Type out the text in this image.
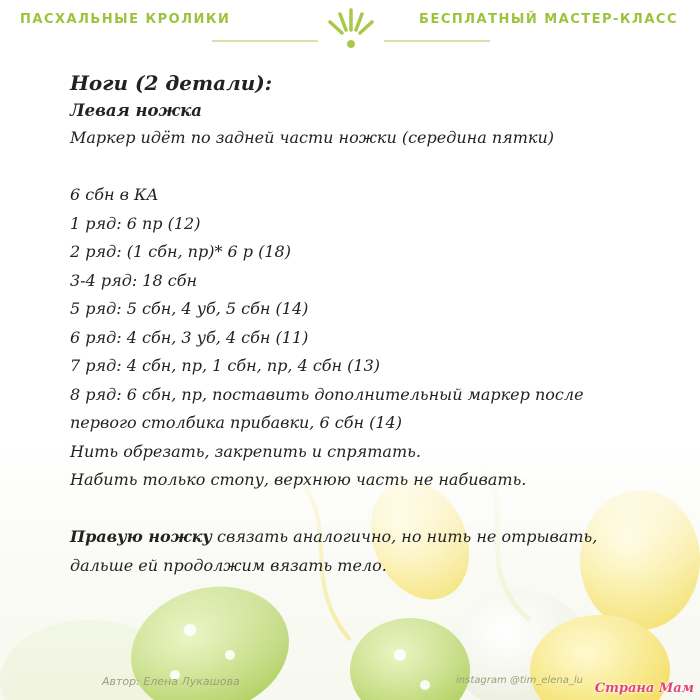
ПАСХАЛЬНЫЕ КРОЛИКИ	БЕСПЛАТНЫЙ МАСТЕР-КЛАСС
Ноги (2 детали):
Левая ножка
Маркер идёт по задней части ножки (середина пятки)
6 сбн в КА
1 ряд: 6 пр (12)
2 ряд: (1 сбн, пр)* 6 р (18)
3-4 ряд: 18 сбн
5 ряд: 5 сбн, 4 уб, 5 сбн (14)
6 ряд: 4 сбн, 3 уб, 4 сбн (11)
7 ряд: 4 сбн, пр, 1 сбн, пр, 4 сбн (13)
8 ряд: 6 сбн, пр, поставить дополнительный маркер после
первого столбика прибавки, 6 сбн (14)
Нить обрезать, закрепить и спрятать.
Набить только стопу, верхнюю часть не набивать.
Правую ножку связать аналогично, но нить не отрывать,
дальше ей продолжим вязать тело.
Автор: Елена Лукашова	instagram @tim_elena_lu
Страна Мам
